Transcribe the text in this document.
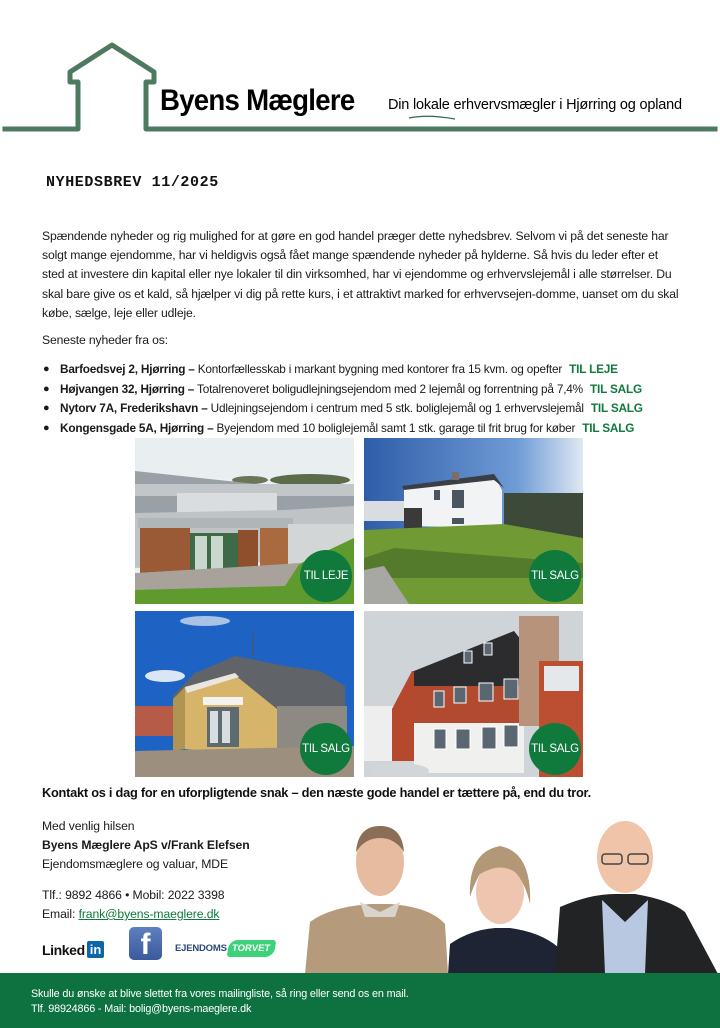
Byens Mæglere Din lokale erhvervsmægler i Hjørring og opland
NYHEDSBREV 11/2025

Spændende nyheder og rig mulighed for at gøre en god handel præger dette nyhedsbrev. Selvom vi på det seneste har solgt mange ejendomme, har vi heldigvis også fået mange spændende nyheder på hylderne. Så hvis du leder efter et sted at investere din kapital eller nye lokaler til din virksomhed, har vi ejendomme og erhvervslejemål i alle størrelser. Du skal bare give os et kald, så hjælper vi dig på rette kurs, i et attraktivt marked for erhvervsejen-domme, uanset om du skal købe, sælge, leje eller udleje.

Seneste nyheder fra os:
● Barfoedsvej 2, Hjørring – Kontorfællesskab i markant bygning med kontorer fra 15 kvm. og opefter TIL LEJE
● Højvangen 32, Hjørring – Totalrenoveret boligudlejningsejendom med 2 lejemål og forrentning på 7,4% TIL SALG
● Nytorv 7A, Frederikshavn – Udlejningsejendom i centrum med 5 stk. boliglejemål og 1 erhvervslejemål TIL SALG
● Kongensgade 5A, Hjørring – Byejendom med 10 boliglejemål samt 1 stk. garage til frit brug for køber TIL SALG
TIL LEJE	TIL SALG
TIL SALG	TIL SALG
Kontakt os i dag for en uforpligtende snak – den næste gode handel er tættere på, end du tror.
Med venlig hilsen
Byens Mæglere ApS v/Frank Elefsen
Ejendomsmæglere og valuar, MDE
Tlf.: 9892 4866 • Mobil: 2022 3398
Email: frank@byens-maeglere.dk
Linked in f	EJENDOMS TORVET
Skulle du ønske at blive slettet fra vores mailingliste, så ring eller send os en mail.
Tlf. 98924866 - Mail: bolig@byens-maeglere.dk
